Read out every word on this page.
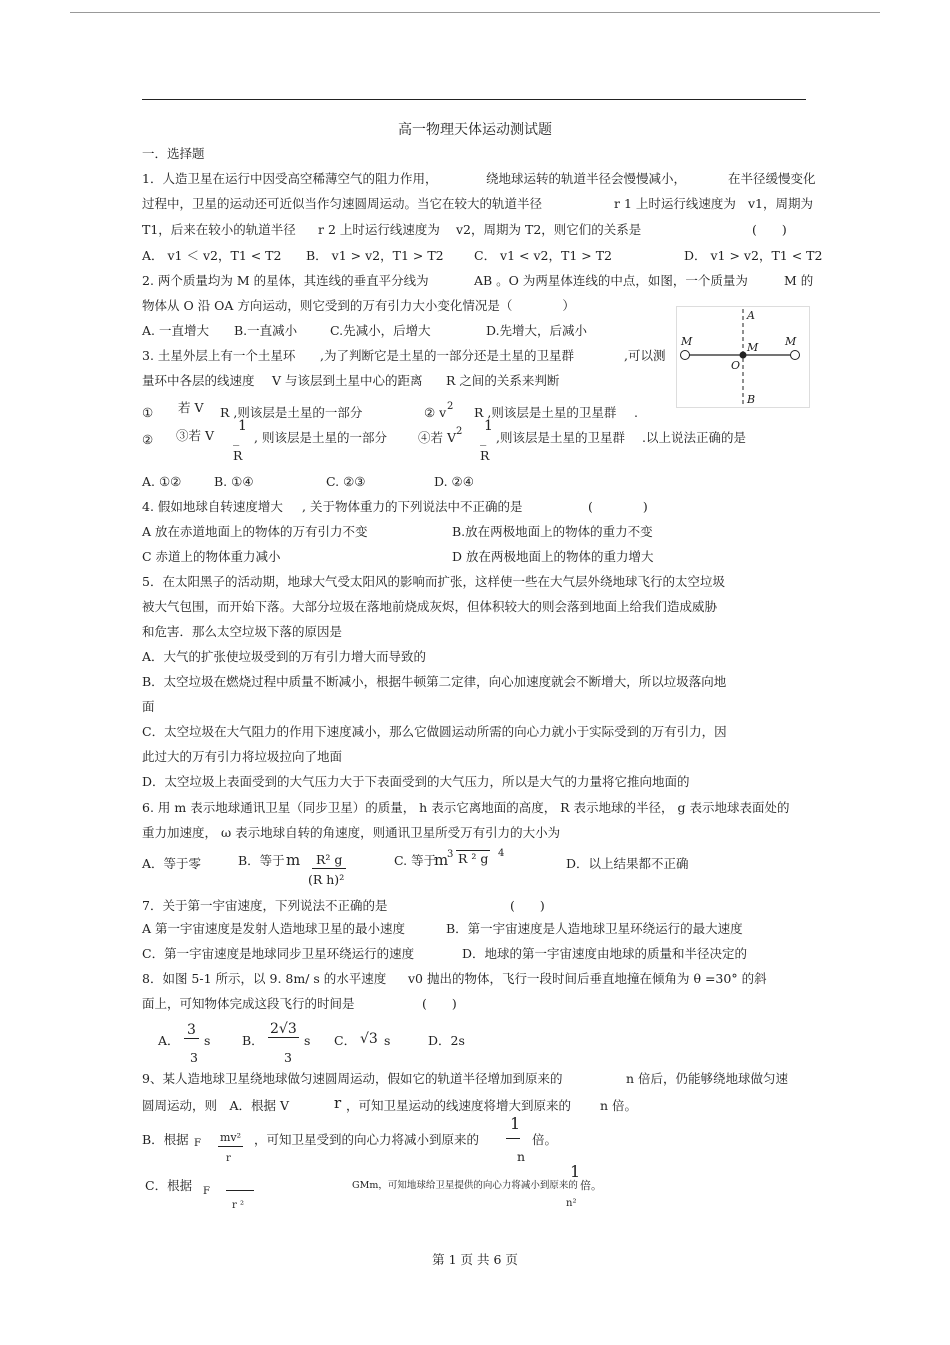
高一物理天体运动测试题
一．选择题
1．人造卫星在运行中因受高空稀薄空气的阻力作用，	绕地球运转的轨道半径会慢慢减小，	在半径缓慢变化
过程中，卫星的运动还可近似当作匀速圆周运动。当它在较大的轨道半径	r 1 上时运行线速度为 v1，周期为
T1，后来在较小的轨道半径 r 2 上时运行线速度为 v2，周期为 T2，则它们的关系是	(　　)
A． v1 ＜ v2，T1 < T2 B． v1 > v2，T1 > T2 C． v1 < v2，T1 > T2	D． v1 > v2，T1 < T2
2. 两个质量均为 M 的星体，其连线的垂直平分线为	AB 。O 为两星体连线的中点，如图，一个质量为	M 的
物体从 O 沿 OA 方向运动，则它受到的万有引力大小变化情况是（　　　　）
A. 一直增大 B.一直减小	C.先减小，后增大	D.先增大，后减小
A
B
O
M	M M
3. 土星外层上有一个土星环 ,为了判断它是土星的一部分还是土星的卫星群	,可以测
量环中各层的线速度 V 与该层到土星中心的距离 R 之间的关系来判断
① 若 V R ,则该层是土星的一部分	② v 2 R ,则该层是土星的卫星群 .
② ③若 V
1
_
R
, 则该层是土星的一部分 ④若 V 2 1
_
R
,则该层是土星的卫星群 .以上说法正确的是
A. ①②	B. ①④	C. ②③	D. ②④
4. 假如地球自转速度增大 , 关于物体重力的下列说法中不正确的是	(　　　　)
A 放在赤道地面上的物体的万有引力不变	B.放在两极地面上的物体的重力不变
C 赤道上的物体重力减小	D 放在两极地面上的物体的重力增大
5．在太阳黑子的活动期，地球大气受太阳风的影响而扩张，这样使一些在大气层外绕地球飞行的太空垃圾
被大气包围，而开始下落。大部分垃圾在落地前烧成灰烬，但体积较大的则会落到地面上给我们造成威胁
和危害．那么太空垃圾下落的原因是
A．大气的扩张使垃圾受到的万有引力增大而导致的
B．太空垃圾在燃烧过程中质量不断减小，根据牛顿第二定律，向心加速度就会不断增大，所以垃圾落向地
面
C．太空垃圾在大气阻力的作用下速度减小，那么它做圆运动所需的向心力就小于实际受到的万有引力，因
此过大的万有引力将垃圾拉向了地面
D．太空垃圾上表面受到的大气压力大于下表面受到的大气压力，所以是大气的力量将它推向地面的
6. 用 m 表示地球通讯卫星（同步卫星）的质量， h 表示它离地面的高度， R 表示地球的半径， g 表示地球表面处的
重力加速度， ω 表示地球自转的角速度，则通讯卫星所受万有引力的大小为
A．等于零	B．等于 m	R² g
(R h)²
C. 等于
m
3 R ² g 4
D．以上结果都不正确
7．关于第一宇宙速度，下列说法不正确的是	(　　)
A 第一宇宙速度是发射人造地球卫星的最小速度	B．第一宇宙速度是人造地球卫星环绕运行的最大速度
C．第一宇宙速度是地球同步卫星环绕运行的速度	D．地球的第一宇宙速度由地球的质量和半径决定的
8．如图 5-1 所示，以 9. 8m/ s 的水平速度 v0 抛出的物体，飞行一段时间后垂直地撞在倾角为 θ =30° 的斜
面上，可知物体完成这段飞行的时间是	(　　)
A．
3
s
3
B．
2√3
s
3
C． √3 s	D．2s
9、某人造地球卫星绕地球做匀速圆周运动，假如它的轨道半径增加到原来的	n 倍后，仍能够绕地球做匀速
圆周运动，则　A．根据 V	r ，可知卫星运动的线速度将增大到原来的 n 倍。
B．根据 F mv²
r
，可知卫星受到的向心力将减小到原来的
1
n
倍。
C．根据 F
r ²
GMm，可知地球给卫星提供的向心力将减小到原来的
1
n²
倍。
第 1 页 共 6 页
